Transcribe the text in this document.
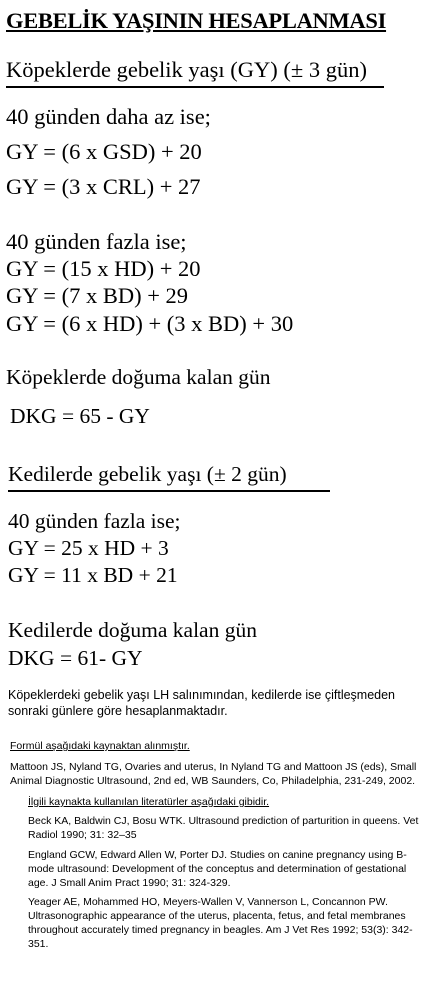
GEBELİK YAŞININ HESAPLANMASI
Köpeklerde gebelik yaşı (GY) (± 3 gün)
40 günden daha az ise;
GY = (6 x GSD) + 20
GY = (3 x CRL) + 27
40 günden fazla ise;
GY = (15 x HD) + 20
GY = (7 x BD) + 29
GY = (6 x HD) + (3 x BD) + 30
Köpeklerde doğuma kalan gün
DKG = 65 - GY
Kedilerde gebelik yaşı (± 2 gün)
40 günden fazla ise;
GY = 25 x HD + 3
GY = 11 x BD + 21
Kedilerde doğuma kalan gün
DKG = 61- GY
Köpeklerdeki gebelik yaşı LH salınımından, kedilerde ise çiftleşmeden sonraki günlere göre hesaplanmaktadır.
Formül aşağıdaki kaynaktan alınmıştır.
Mattoon JS, Nyland TG, Ovaries and uterus, In Nyland TG and Mattoon JS (eds), Small Animal Diagnostic Ultrasound, 2nd ed, WB Saunders, Co, Philadelphia, 231-249, 2002.
İlgili kaynakta kullanılan literatürler aşağıdaki gibidir.
Beck KA, Baldwin CJ, Bosu WTK. Ultrasound prediction of parturition in queens. Vet Radiol 1990; 31: 32–35
England GCW, Edward Allen W, Porter DJ. Studies on canine pregnancy using B-mode ultrasound: Development of the conceptus and determination of gestational age. J Small Anim Pract 1990; 31: 324-329.
Yeager AE, Mohammed HO, Meyers-Wallen V, Vannerson L, Concannon PW. Ultrasonographic appearance of the uterus, placenta, fetus, and fetal membranes throughout accurately timed pregnancy in beagles. Am J Vet Res 1992; 53(3): 342-351.
